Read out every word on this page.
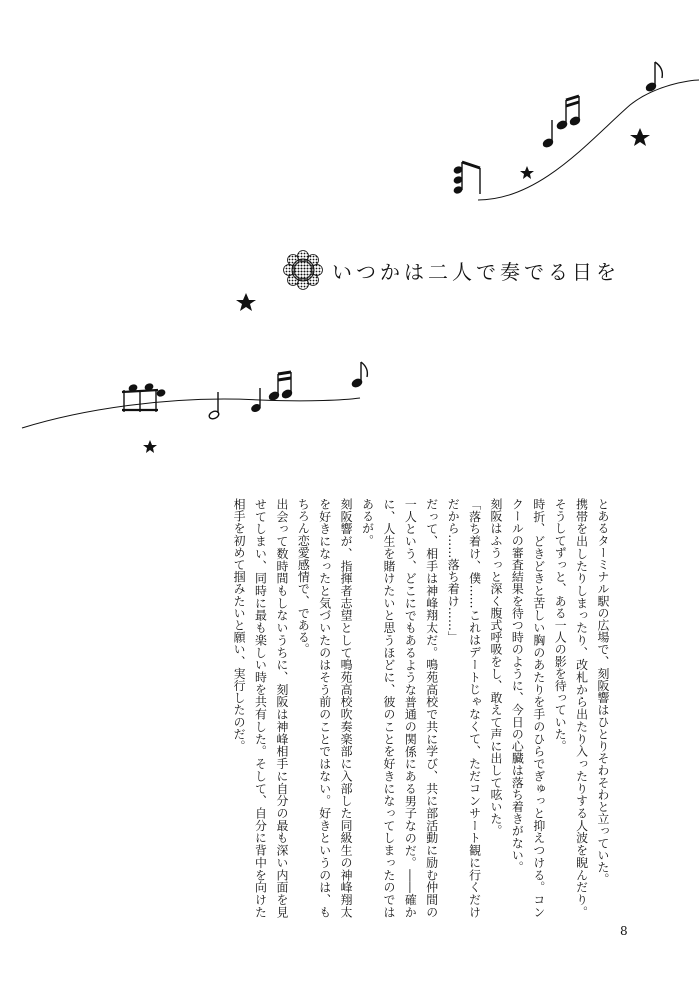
いつかは二人で奏でる日を

とあるターミナル駅の広場で、刻阪響はひとりそわそわと立っていた。

携帯を出したりしまったり、改札から出たり入ったりする人波を睨んだり。そうしてずっと、ある一人の影を待っていた。

時折、どきどきと苦しい胸のあたりを手のひらでぎゅっと抑えつける。コンクールの審査結果を待つ時のように、今日の心臓は落ち着きがない。

刻阪はふうっと深く腹式呼吸をし、敢えて声に出して呟いた。

「落ち着け、僕……これはデートじゃなくて、ただコンサート観に行くだけだから……落ち着け……」

だって、相手は神峰翔太だ。鳴苑高校で共に学び、共に部活動に励む仲間の一人という、どこにでもあるような普通の関係にある男子なのだ。――確かに、人生を賭けたいと思うほどに、彼のことを好きになってしまったのではあるが。

刻阪響が、指揮者志望として鳴苑高校吹奏楽部に入部した同級生の神峰翔太を好きになったと気づいたのはそう前のことではない。好きというのは、もちろん恋愛感情で、である。

出会って数時間もしないうちに、刻阪は神峰相手に自分の最も深い内面を見せてしまい、同時に最も楽しい時を共有した。そして、自分に背中を向けた相手を初めて掴みたいと願い、実行したのだ。

8
